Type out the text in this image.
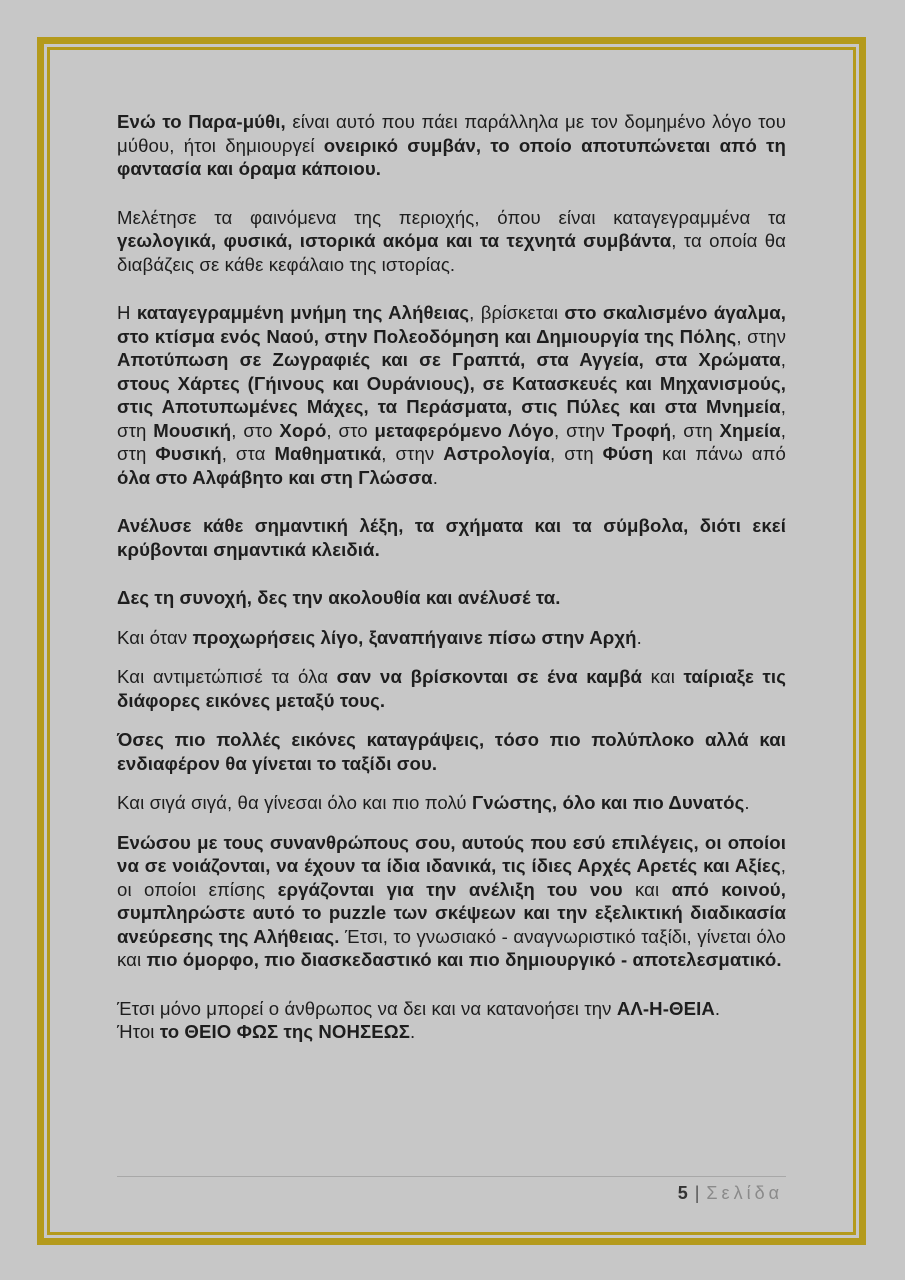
Ενώ το Παρα-μύθι, είναι αυτό που πάει παράλληλα με τον δομημένο λόγο του μύθου, ήτοι δημιουργεί ονειρικό συμβάν, το οποίο αποτυπώνεται από τη φαντασία και όραμα κάποιου.

Μελέτησε τα φαινόμενα της περιοχής, όπου είναι καταγεγραμμένα τα γεωλογικά, φυσικά, ιστορικά ακόμα και τα τεχνητά συμβάντα, τα οποία θα διαβάζεις σε κάθε κεφάλαιο της ιστορίας.

Η καταγεγραμμένη μνήμη της Αλήθειας, βρίσκεται στο σκαλισμένο άγαλμα, στο κτίσμα ενός Ναού, στην Πολεοδόμηση και Δημιουργία της Πόλης, στην Αποτύπωση σε Ζωγραφιές και σε Γραπτά, στα Αγγεία, στα Χρώματα, στους Χάρτες (Γήινους και Ουράνιους), σε Κατασκευές και Μηχανισμούς, στις Αποτυπωμένες Μάχες, τα Περάσματα, στις Πύλες και στα Μνημεία, στη Μουσική, στο Χορό, στο μεταφερόμενο Λόγο, στην Τροφή, στη Χημεία, στη Φυσική, στα Μαθηματικά, στην Αστρολογία, στη Φύση και πάνω από όλα στο Αλφάβητο και στη Γλώσσα.

Ανέλυσε κάθε σημαντική λέξη, τα σχήματα και τα σύμβολα, διότι εκεί κρύβονται σημαντικά κλειδιά.

Δες τη συνοχή, δες την ακολουθία και ανέλυσέ τα.

Και όταν προχωρήσεις λίγο, ξαναπήγαινε πίσω στην Αρχή.

Και αντιμετώπισέ τα όλα σαν να βρίσκονται σε ένα καμβά και ταίριαξε τις διάφορες εικόνες μεταξύ τους.

Όσες πιο πολλές εικόνες καταγράψεις, τόσο πιο πολύπλοκο αλλά και ενδιαφέρον θα γίνεται το ταξίδι σου.

Και σιγά σιγά, θα γίνεσαι όλο και πιο πολύ Γνώστης, όλο και πιο Δυνατός.

Ενώσου με τους συνανθρώπους σου, αυτούς που εσύ επιλέγεις, οι οποίοι να σε νοιάζονται, να έχουν τα ίδια ιδανικά, τις ίδιες Αρχές Αρετές και Αξίες, οι οποίοι επίσης εργάζονται για την ανέλιξη του νου και από κοινού, συμπληρώστε αυτό το puzzle των σκέψεων και την εξελικτική διαδικασία ανεύρεσης της Αλήθειας. Έτσι, το γνωσιακό - αναγνωριστικό ταξίδι, γίνεται όλο και πιο όμορφο, πιο διασκεδαστικό και πιο δημιουργικό - αποτελεσματικό.

Έτσι μόνο μπορεί ο άνθρωπος να δει και να κατανοήσει την ΑΛ-Η-ΘΕΙΑ.

Ήτοι το ΘΕΙΟ ΦΩΣ της ΝΟΗΣΕΩΣ.

5 | Σελίδα
